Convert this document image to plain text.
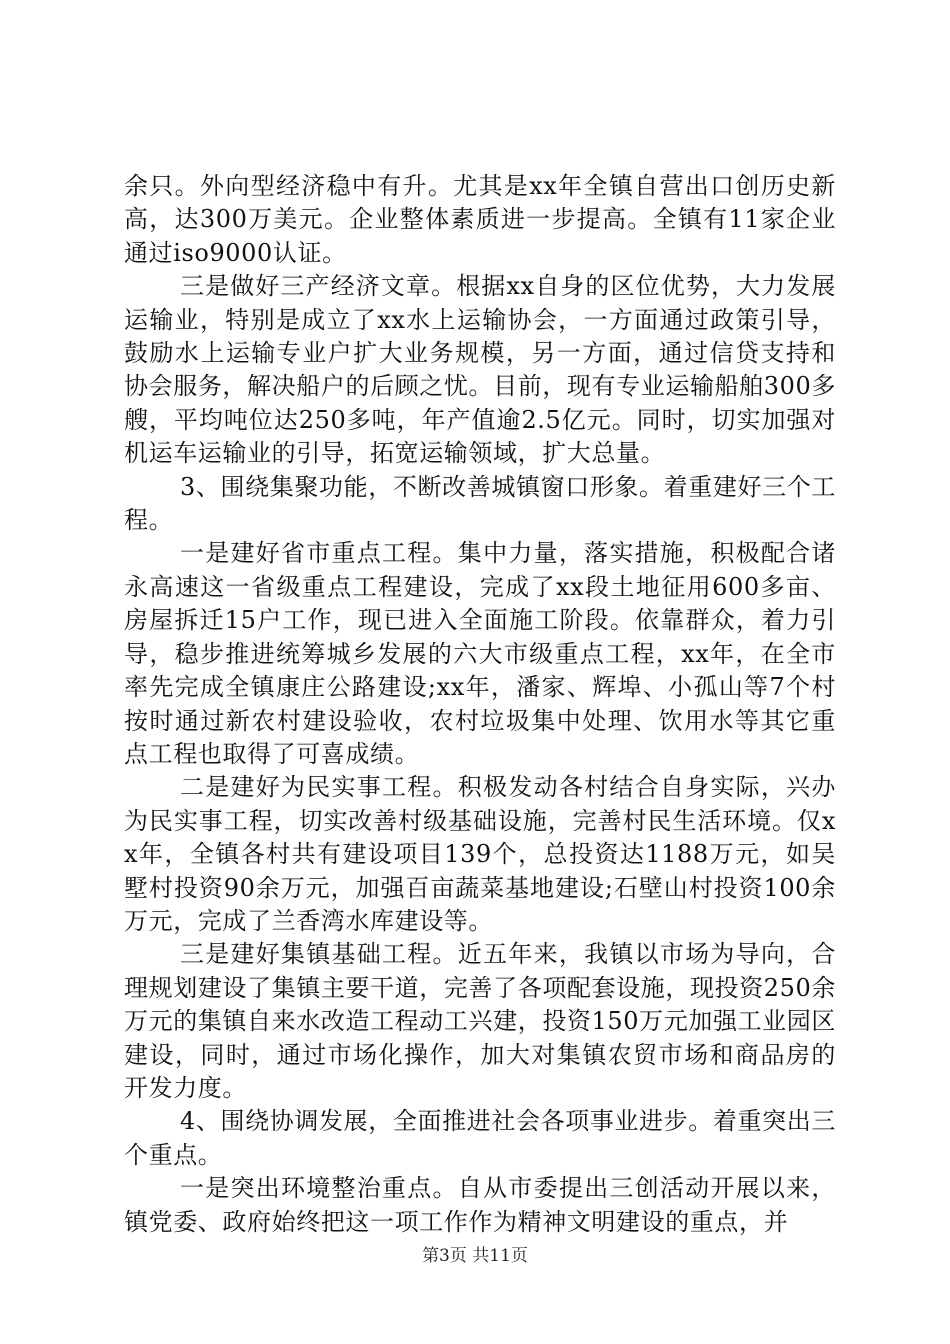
余只。外向型经济稳中有升。尤其是xx年全镇自营出口创历史新高，达300万美元。企业整体素质进一步提高。全镇有11家企业通过iso9000认证。

三是做好三产经济文章。根据xx自身的区位优势，大力发展运输业，特别是成立了xx水上运输协会，一方面通过政策引导，鼓励水上运输专业户扩大业务规模，另一方面，通过信贷支持和协会服务，解决船户的后顾之忧。目前，现有专业运输船舶300多艘，平均吨位达250多吨，年产值逾2.5亿元。同时，切实加强对机运车运输业的引导，拓宽运输领域，扩大总量。

3、围绕集聚功能，不断改善城镇窗口形象。着重建好三个工程。

一是建好省市重点工程。集中力量，落实措施，积极配合诸永高速这一省级重点工程建设，完成了xx段土地征用600多亩、房屋拆迁15户工作，现已进入全面施工阶段。依靠群众，着力引导，稳步推进统筹城乡发展的六大市级重点工程，xx年，在全市率先完成全镇康庄公路建设;xx年，潘家、辉埠、小孤山等7个村按时通过新农村建设验收，农村垃圾集中处理、饮用水等其它重点工程也取得了可喜成绩。

二是建好为民实事工程。积极发动各村结合自身实际，兴办为民实事工程，切实改善村级基础设施，完善村民生活环境。仅xx年，全镇各村共有建设项目139个，总投资达1188万元，如吴墅村投资90余万元，加强百亩蔬菜基地建设;石壁山村投资100余万元，完成了兰香湾水库建设等。

三是建好集镇基础工程。近五年来，我镇以市场为导向，合理规划建设了集镇主要干道，完善了各项配套设施，现投资250余万元的集镇自来水改造工程动工兴建，投资150万元加强工业园区建设，同时，通过市场化操作，加大对集镇农贸市场和商品房的开发力度。

4、围绕协调发展，全面推进社会各项事业进步。着重突出三个重点。

一是突出环境整治重点。自从市委提出三创活动开展以来，镇党委、政府始终把这一项工作作为精神文明建设的重点，并

第3页 共11页
